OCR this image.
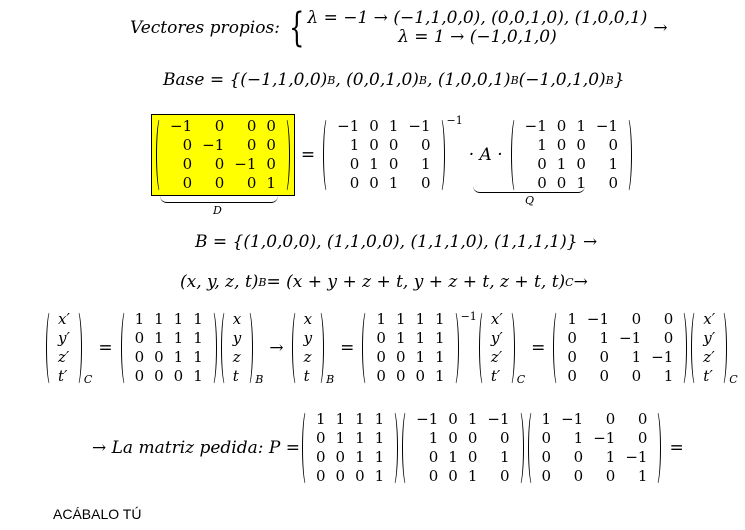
Vectores propios: { λ = −1 → (−1,1,0,0), (0,0,1,0), (1,0,0,1)
λ = 1 → (−1,0,1,0)	→
Base = {(−1,1,0,0) B , (0,0,1,0) B , (1,0,0,1) B (−1,0,1,0) B }
−1	0	0	0
0	−1	0	0
0	0	−1	0
0	0	0	1
=
−1	0	1	−1
1	0	0	0
0	1	0	1
0	0	1	0
−1
· A ·
−1	0	1	−1
1	0	0	0
0	1	0	1
0	0	1	0
D
Q
B = {(1,0,0,0), (1,1,0,0), (1,1,1,0), (1,1,1,1)} →
(x, y, z, t) B = (x + y + z + t, y + z + t, z + t, t) C →
x′
y′
z′
t′ C
=
1	1	1	1
0	1	1	1
0	0	1	1
0	0	0	1
x
y
z
t B
→
x
y
z
t B
=
1	1	1	1
0	1	1	1
0	0	1	1
0	0	0	1
−1 x′
y′
z′
t′ C
=
1	−1	0	0
0	1	−1	0
0	0	1	−1
0	0	0	1
x′
y′
z′
t′ C
→ La matriz pedida: P =
1	1	1	1
0	1	1	1
0	0	1	1
0	0	0	1
−1	0	1	−1
1	0	0	0
0	1	0	1
0	0	1	0
1	−1	0	0
0	1	−1	0
0	0	1	−1
0	0	0	1
=
ACÁBALO TÚ
